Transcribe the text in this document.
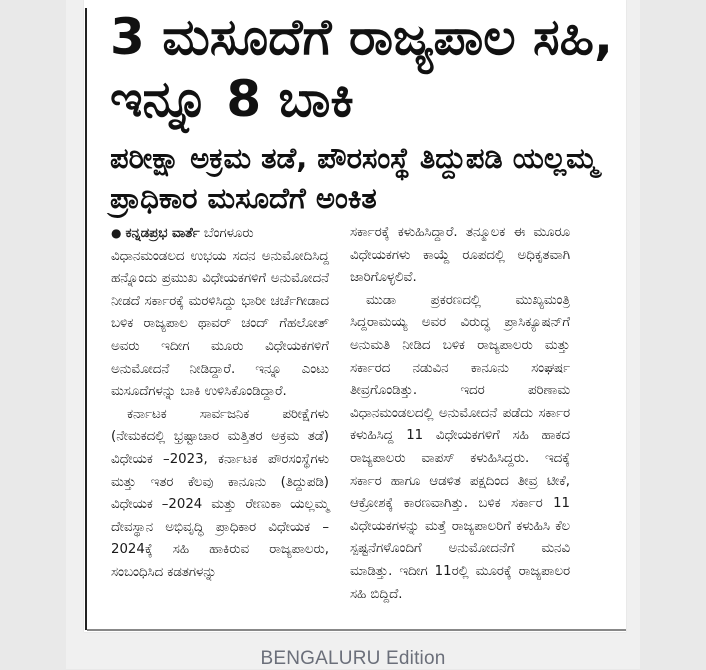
3 ಮಸೂದೆಗೆ ರಾಜ್ಯಪಾಲ ಸಹಿ, ಇನ್ನೂ 8 ಬಾಕಿ
ಪರೀಕ್ಷಾ ಅಕ್ರಮ ತಡೆ, ಪೌರಸಂಸ್ಥೆ ತಿದ್ದುಪಡಿ ಯಲ್ಲಮ್ಮ ಪ್ರಾಧಿಕಾರ ಮಸೂದೆಗೆ ಅಂಕಿತ

● ಕನ್ನಡಪ್ರಭ ವಾರ್ತೆ ಬೆಂಗಳೂರು

ವಿಧಾನಮಂಡಲದ ಉಭಯ ಸದನ ಅನುಮೋದಿಸಿದ್ದ ಹನ್ನೊಂದು ಪ್ರಮುಖ ವಿಧೇಯಕಗಳಿಗೆ ಅನುಮೋದನೆ ನೀಡದೆ ಸರ್ಕಾರಕ್ಕೆ ಮರಳಿಸಿದ್ದು ಭಾರೀ ಚರ್ಚೆಗೀಡಾದ ಬಳಿಕ ರಾಜ್ಯಪಾಲ ಥಾವರ್ ಚಂದ್ ಗೆಹಲೋತ್ ಅವರು ಇದೀಗ ಮೂರು ವಿಧೇಯಕಗಳಿಗೆ ಅನುಮೋದನೆ ನೀಡಿದ್ದಾರೆ. ಇನ್ನೂ ಎಂಟು ಮಸೂದೆಗಳನ್ನು ಬಾಕಿ ಉಳಿಸಿಕೊಂಡಿದ್ದಾರೆ.

ಕರ್ನಾಟಕ ಸಾರ್ವಜನಿಕ ಪರೀಕ್ಷೆಗಳು (ನೇಮಕದಲ್ಲಿ ಭ್ರಷ್ಟಾಚಾರ ಮತ್ತಿತರ ಅಕ್ರಮ ತಡೆ) ವಿಧೇಯಕ –2023, ಕರ್ನಾಟಕ ಪೌರಸಂಸ್ಥೆಗಳು ಮತ್ತು ಇತರ ಕೆಲವು ಕಾನೂನು (ತಿದ್ದುಪಡಿ) ವಿಧೇಯಕ –2024 ಮತ್ತು ರೇಣುಕಾ ಯಲ್ಲಮ್ಮ ದೇವಸ್ಥಾನ ಅಭಿವೃದ್ಧಿ ಪ್ರಾಧಿಕಾರ ವಿಧೇಯಕ –2024ಕ್ಕೆ ಸಹಿ ಹಾಕಿರುವ ರಾಜ್ಯಪಾಲರು, ಸಂಬಂಧಿಸಿದ ಕಡತಗಳನ್ನು

ಸರ್ಕಾರಕ್ಕೆ ಕಳುಹಿಸಿದ್ದಾರೆ. ತನ್ಮೂಲಕ ಈ ಮೂರೂ ವಿಧೇಯಕಗಳು ಕಾಯ್ದೆ ರೂಪದಲ್ಲಿ ಅಧಿಕೃತವಾಗಿ ಜಾರಿಗೊಳ್ಳಲಿವೆ.

ಮುಡಾ ಪ್ರಕರಣದಲ್ಲಿ ಮುಖ್ಯಮಂತ್ರಿ ಸಿದ್ದರಾಮಯ್ಯ ಅವರ ವಿರುದ್ಧ ಪ್ರಾಸಿಕ್ಯೂಷನ್‌ಗೆ ಅನುಮತಿ ನೀಡಿದ ಬಳಿಕ ರಾಜ್ಯಪಾಲರು ಮತ್ತು ಸರ್ಕಾರದ ನಡುವಿನ ಕಾನೂನು ಸಂಘರ್ಷ ತೀವ್ರಗೊಂಡಿತ್ತು. ಇದರ ಪರಿಣಾಮ ವಿಧಾನಮಂಡಲದಲ್ಲಿ ಅನುಮೋದನೆ ಪಡೆದು ಸರ್ಕಾರ ಕಳುಹಿಸಿದ್ದ 11 ವಿಧೇಯಕಗಳಿಗೆ ಸಹಿ ಹಾಕದ ರಾಜ್ಯಪಾಲರು ವಾಪಸ್ ಕಳುಹಿಸಿದ್ದರು. ಇದಕ್ಕೆ ಸರ್ಕಾರ ಹಾಗೂ ಆಡಳಿತ ಪಕ್ಷದಿಂದ ತೀವ್ರ ಟೀಕೆ, ಆಕ್ರೋಶಕ್ಕೆ ಕಾರಣವಾಗಿತ್ತು. ಬಳಿಕ ಸರ್ಕಾರ 11 ವಿಧೇಯಕಗಳನ್ನು ಮತ್ತೆ ರಾಜ್ಯಪಾಲರಿಗೆ ಕಳುಹಿಸಿ ಕೆಲ ಸ್ಪಷ್ಟನೆಗಳೊಂದಿಗೆ ಅನುಮೋದನೆಗೆ ಮನವಿ ಮಾಡಿತ್ತು. ಇದೀಗ 11ರಲ್ಲಿ ಮೂರಕ್ಕೆ ರಾಜ್ಯಪಾಲರ ಸಹಿ ಬಿದ್ದಿದೆ.

BENGALURU Edition
